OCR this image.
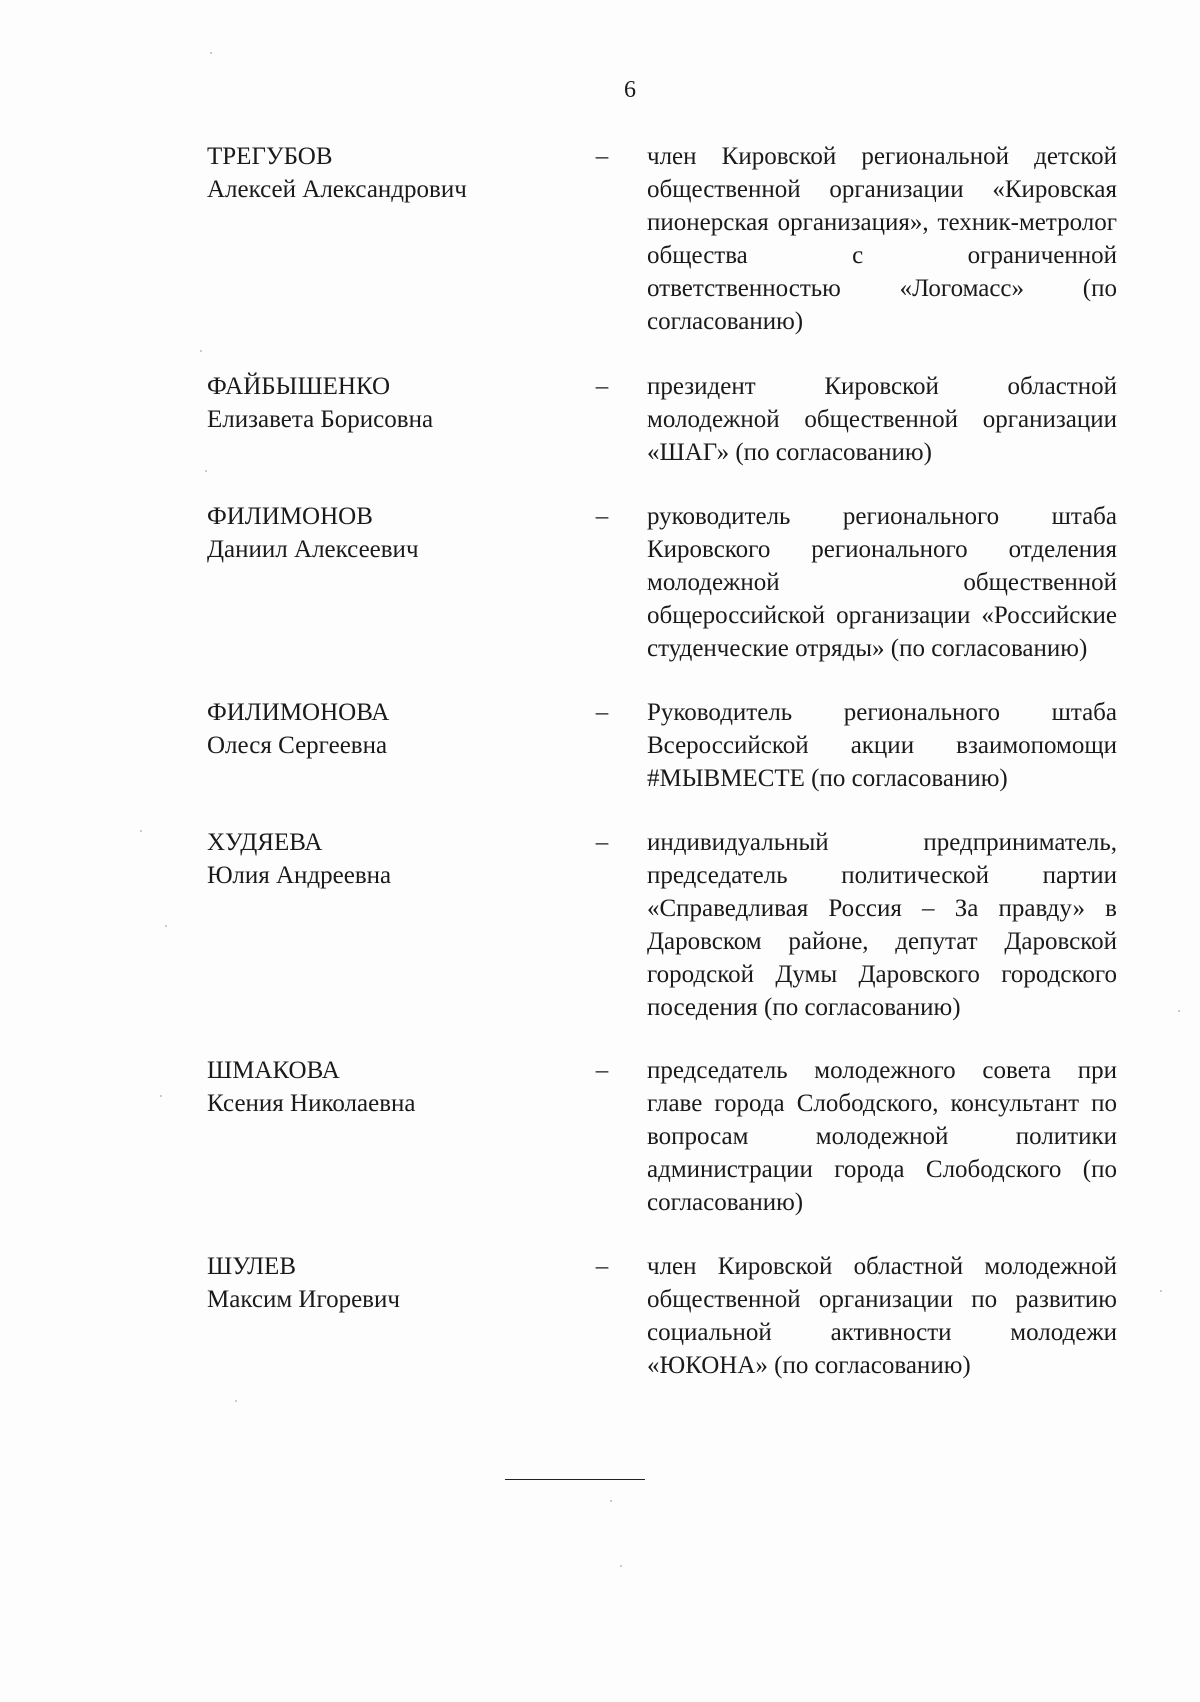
6
ТРЕГУБОВ
Алексей Александрович
–	член Кировской региональной детской общественной организации «Кировская пионерская организация», техник-метролог общества с ограниченной ответственностью «Логомасс» (по согласованию)
ФАЙБЫШЕНКО
Елизавета Борисовна
–	президент Кировской областной молодежной общественной организации «ШАГ» (по согласованию)
ФИЛИМОНОВ
Даниил Алексеевич
–	руководитель регионального штаба Кировского регионального отделения молодежной общественной общероссийской организации «Российские студенческие отряды» (по согласованию)
ФИЛИМОНОВА
Олеся Сергеевна
–	Руководитель регионального штаба Всероссийской акции взаимопомощи #МЫВМЕСТЕ (по согласованию)
ХУДЯЕВА
Юлия Андреевна
–	индивидуальный предприниматель, председатель политической партии «Справедливая Россия – За правду» в Даровском районе, депутат Даровской городской Думы Даровского городского поседения (по согласованию)
ШМАКОВА
Ксения Николаевна
–	председатель молодежного совета при главе города Слободского, консультант по вопросам молодежной политики администрации города Слободского (по согласованию)
ШУЛЕВ
Максим Игоревич
–	член Кировской областной молодежной общественной организации по развитию социальной активности молодежи «ЮКОНА» (по согласованию)
